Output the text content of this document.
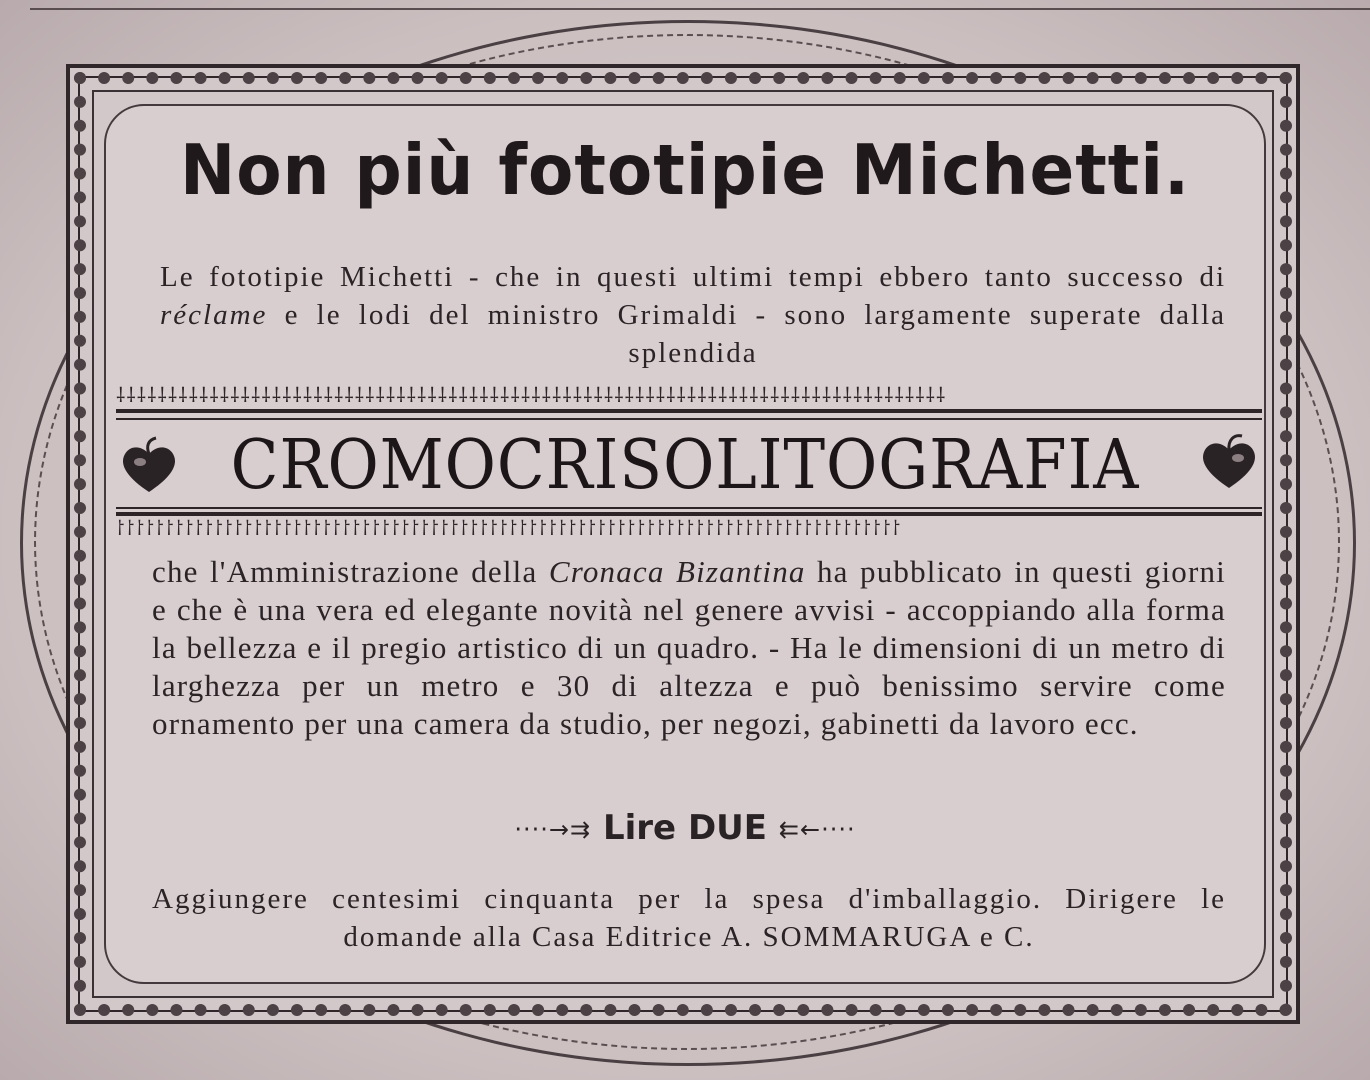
Non più fototipie Michetti.
Le fototipie Michetti - che in questi ultimi tempi ebbero tanto successo di réclame e le lodi del ministro Grimaldi - sono largamente superate dalla splendida
⸸⸸⸸⸸⸸⸸⸸⸸⸸⸸⸸⸸⸸⸸⸸⸸⸸⸸⸸⸸⸸⸸⸸⸸⸸⸸⸸⸸⸸⸸⸸⸸⸸⸸⸸⸸⸸⸸⸸⸸⸸⸸⸸⸸⸸⸸⸸⸸⸸⸸⸸⸸⸸⸸⸸⸸⸸⸸⸸⸸⸸⸸⸸⸸⸸⸸⸸⸸⸸⸸⸸⸸⸸⸸⸸⸸⸸⸸⸸⸸
CROMOCRISOLITOGRAFIA
⸷⸷⸷⸷⸷⸷⸷⸷⸷⸷⸷⸷⸷⸷⸷⸷⸷⸷⸷⸷⸷⸷⸷⸷⸷⸷⸷⸷⸷⸷⸷⸷⸷⸷⸷⸷⸷⸷⸷⸷⸷⸷⸷⸷⸷⸷⸷⸷⸷⸷⸷⸷⸷⸷⸷⸷⸷⸷⸷⸷⸷⸷⸷⸷⸷⸷⸷⸷⸷⸷⸷⸷⸷⸷⸷⸷⸷⸷⸷⸷
che l'Amministrazione della Cronaca Bizantina ha pubblicato in questi giorni e che è una vera ed elegante novità nel genere avvisi - accoppiando alla forma la bellezza e il pregio artistico di un quadro. - Ha le dimensioni di un metro di larghezza per un metro e 30 di altezza e può benissimo servire come ornamento per una camera da studio, per negozi, gabinetti da lavoro ecc.
····→⇉ Lire DUE ⇇←····
Aggiungere centesimi cinquanta per la spesa d'imballaggio. Dirigere le domande alla Casa Editrice A. SOMMARUGA e C.
